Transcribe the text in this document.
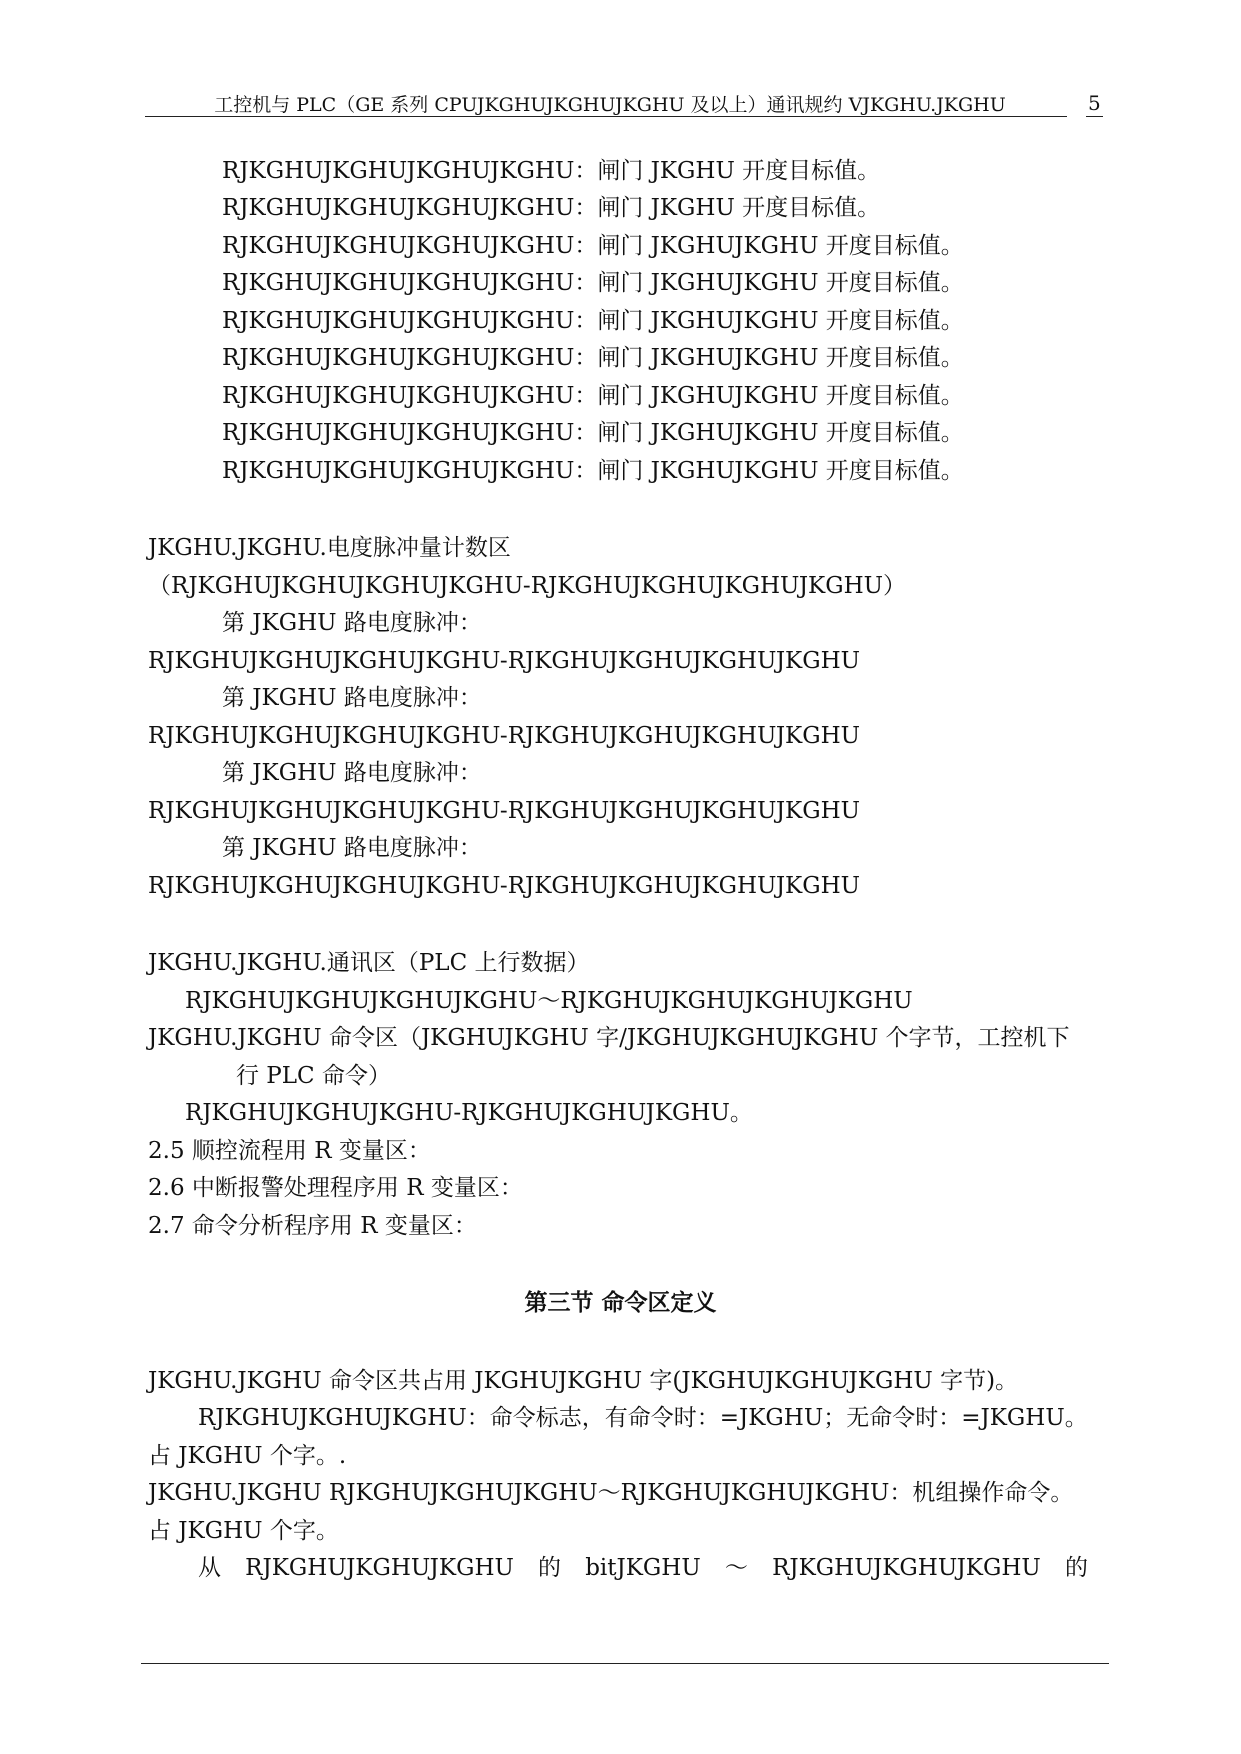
工控机与 PLC（GE 系列 CPUJKGHUJKGHUJKGHU 及以上）通讯规约 VJKGHU.JKGHU	5
RJKGHUJKGHUJKGHUJKGHU：闸门 JKGHU 开度目标值。
RJKGHUJKGHUJKGHUJKGHU：闸门 JKGHU 开度目标值。
RJKGHUJKGHUJKGHUJKGHU：闸门 JKGHUJKGHU 开度目标值。
RJKGHUJKGHUJKGHUJKGHU：闸门 JKGHUJKGHU 开度目标值。
RJKGHUJKGHUJKGHUJKGHU：闸门 JKGHUJKGHU 开度目标值。
RJKGHUJKGHUJKGHUJKGHU：闸门 JKGHUJKGHU 开度目标值。
RJKGHUJKGHUJKGHUJKGHU：闸门 JKGHUJKGHU 开度目标值。
RJKGHUJKGHUJKGHUJKGHU：闸门 JKGHUJKGHU 开度目标值。
RJKGHUJKGHUJKGHUJKGHU：闸门 JKGHUJKGHU 开度目标值。
JKGHU.JKGHU.电度脉冲量计数区
（RJKGHUJKGHUJKGHUJKGHU-RJKGHUJKGHUJKGHUJKGHU）
第 JKGHU 路电度脉冲：
RJKGHUJKGHUJKGHUJKGHU-RJKGHUJKGHUJKGHUJKGHU
第 JKGHU 路电度脉冲：
RJKGHUJKGHUJKGHUJKGHU-RJKGHUJKGHUJKGHUJKGHU
第 JKGHU 路电度脉冲：
RJKGHUJKGHUJKGHUJKGHU-RJKGHUJKGHUJKGHUJKGHU
第 JKGHU 路电度脉冲：
RJKGHUJKGHUJKGHUJKGHU-RJKGHUJKGHUJKGHUJKGHU
JKGHU.JKGHU.通讯区（PLC 上行数据）
RJKGHUJKGHUJKGHUJKGHU～RJKGHUJKGHUJKGHUJKGHU
JKGHU.JKGHU 命令区（JKGHUJKGHU 字/JKGHUJKGHUJKGHU 个字节，工控机下
行 PLC 命令）
RJKGHUJKGHUJKGHU-RJKGHUJKGHUJKGHU。
2.5 顺控流程用 R 变量区：
2.6 中断报警处理程序用 R 变量区：
2.7 命令分析程序用 R 变量区：
第三节 命令区定义
JKGHU.JKGHU 命令区共占用 JKGHUJKGHU 字(JKGHUJKGHUJKGHU 字节)。
RJKGHUJKGHUJKGHU：命令标志，有命令时：=JKGHU；无命令时：=JKGHU。
占 JKGHU 个字。.
JKGHU.JKGHU RJKGHUJKGHUJKGHU～RJKGHUJKGHUJKGHU：机组操作命令。
占 JKGHU 个字。
从 RJKGHUJKGHUJKGHU 的 bitJKGHU ～ RJKGHUJKGHUJKGHU 的
